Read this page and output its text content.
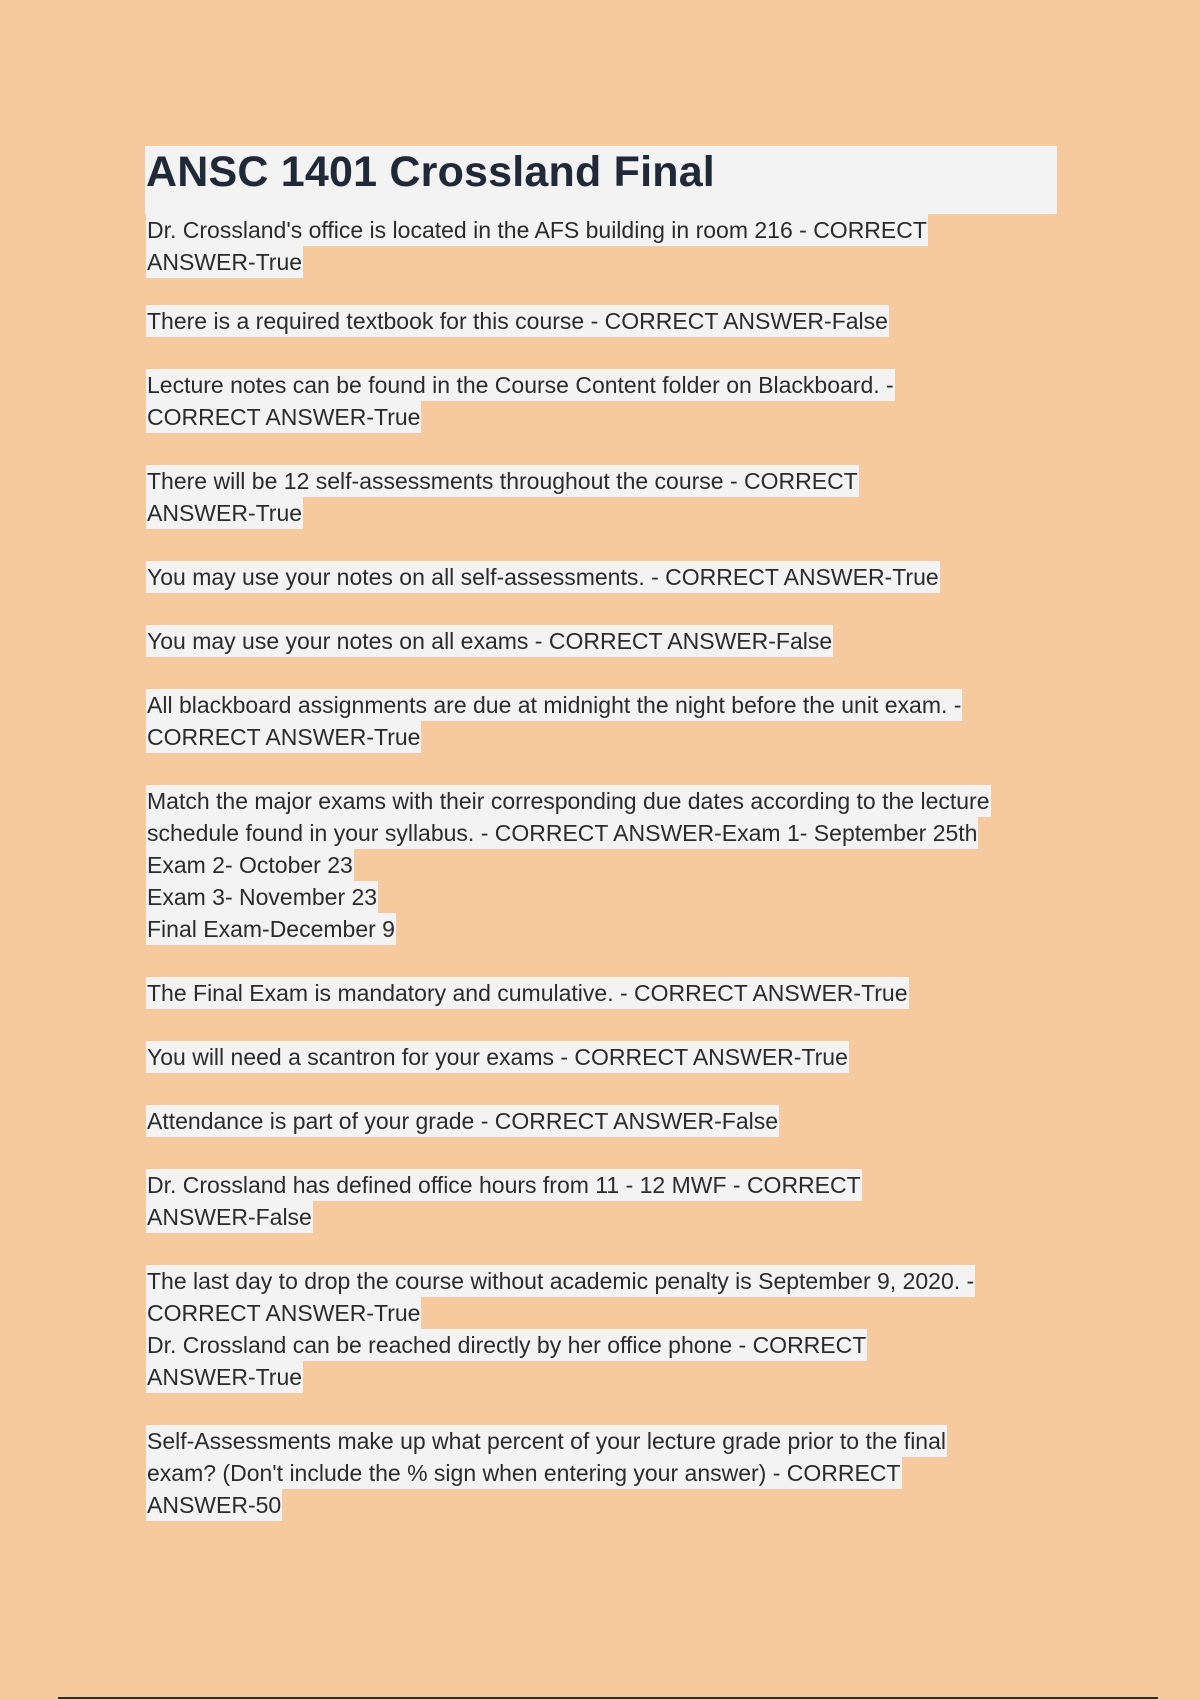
ANSC 1401 Crossland Final
Dr. Crossland's office is located in the AFS building in room 216 - CORRECT
ANSWER-True
There is a required textbook for this course - CORRECT ANSWER-False
Lecture notes can be found in the Course Content folder on Blackboard. -
CORRECT ANSWER-True
There will be 12 self-assessments throughout the course - CORRECT
ANSWER-True
You may use your notes on all self-assessments. - CORRECT ANSWER-True
You may use your notes on all exams - CORRECT ANSWER-False
All blackboard assignments are due at midnight the night before the unit exam. -
CORRECT ANSWER-True
Match the major exams with their corresponding due dates according to the lecture
schedule found in your syllabus. - CORRECT ANSWER-Exam 1- September 25th
Exam 2- October 23
Exam 3- November 23
Final Exam-December 9
The Final Exam is mandatory and cumulative. - CORRECT ANSWER-True
You will need a scantron for your exams - CORRECT ANSWER-True
Attendance is part of your grade - CORRECT ANSWER-False
Dr. Crossland has defined office hours from 11 - 12 MWF - CORRECT
ANSWER-False
The last day to drop the course without academic penalty is September 9, 2020. -
CORRECT ANSWER-True
Dr. Crossland can be reached directly by her office phone - CORRECT
ANSWER-True
Self-Assessments make up what percent of your lecture grade prior to the final
exam? (Don't include the % sign when entering your answer) - CORRECT
ANSWER-50
